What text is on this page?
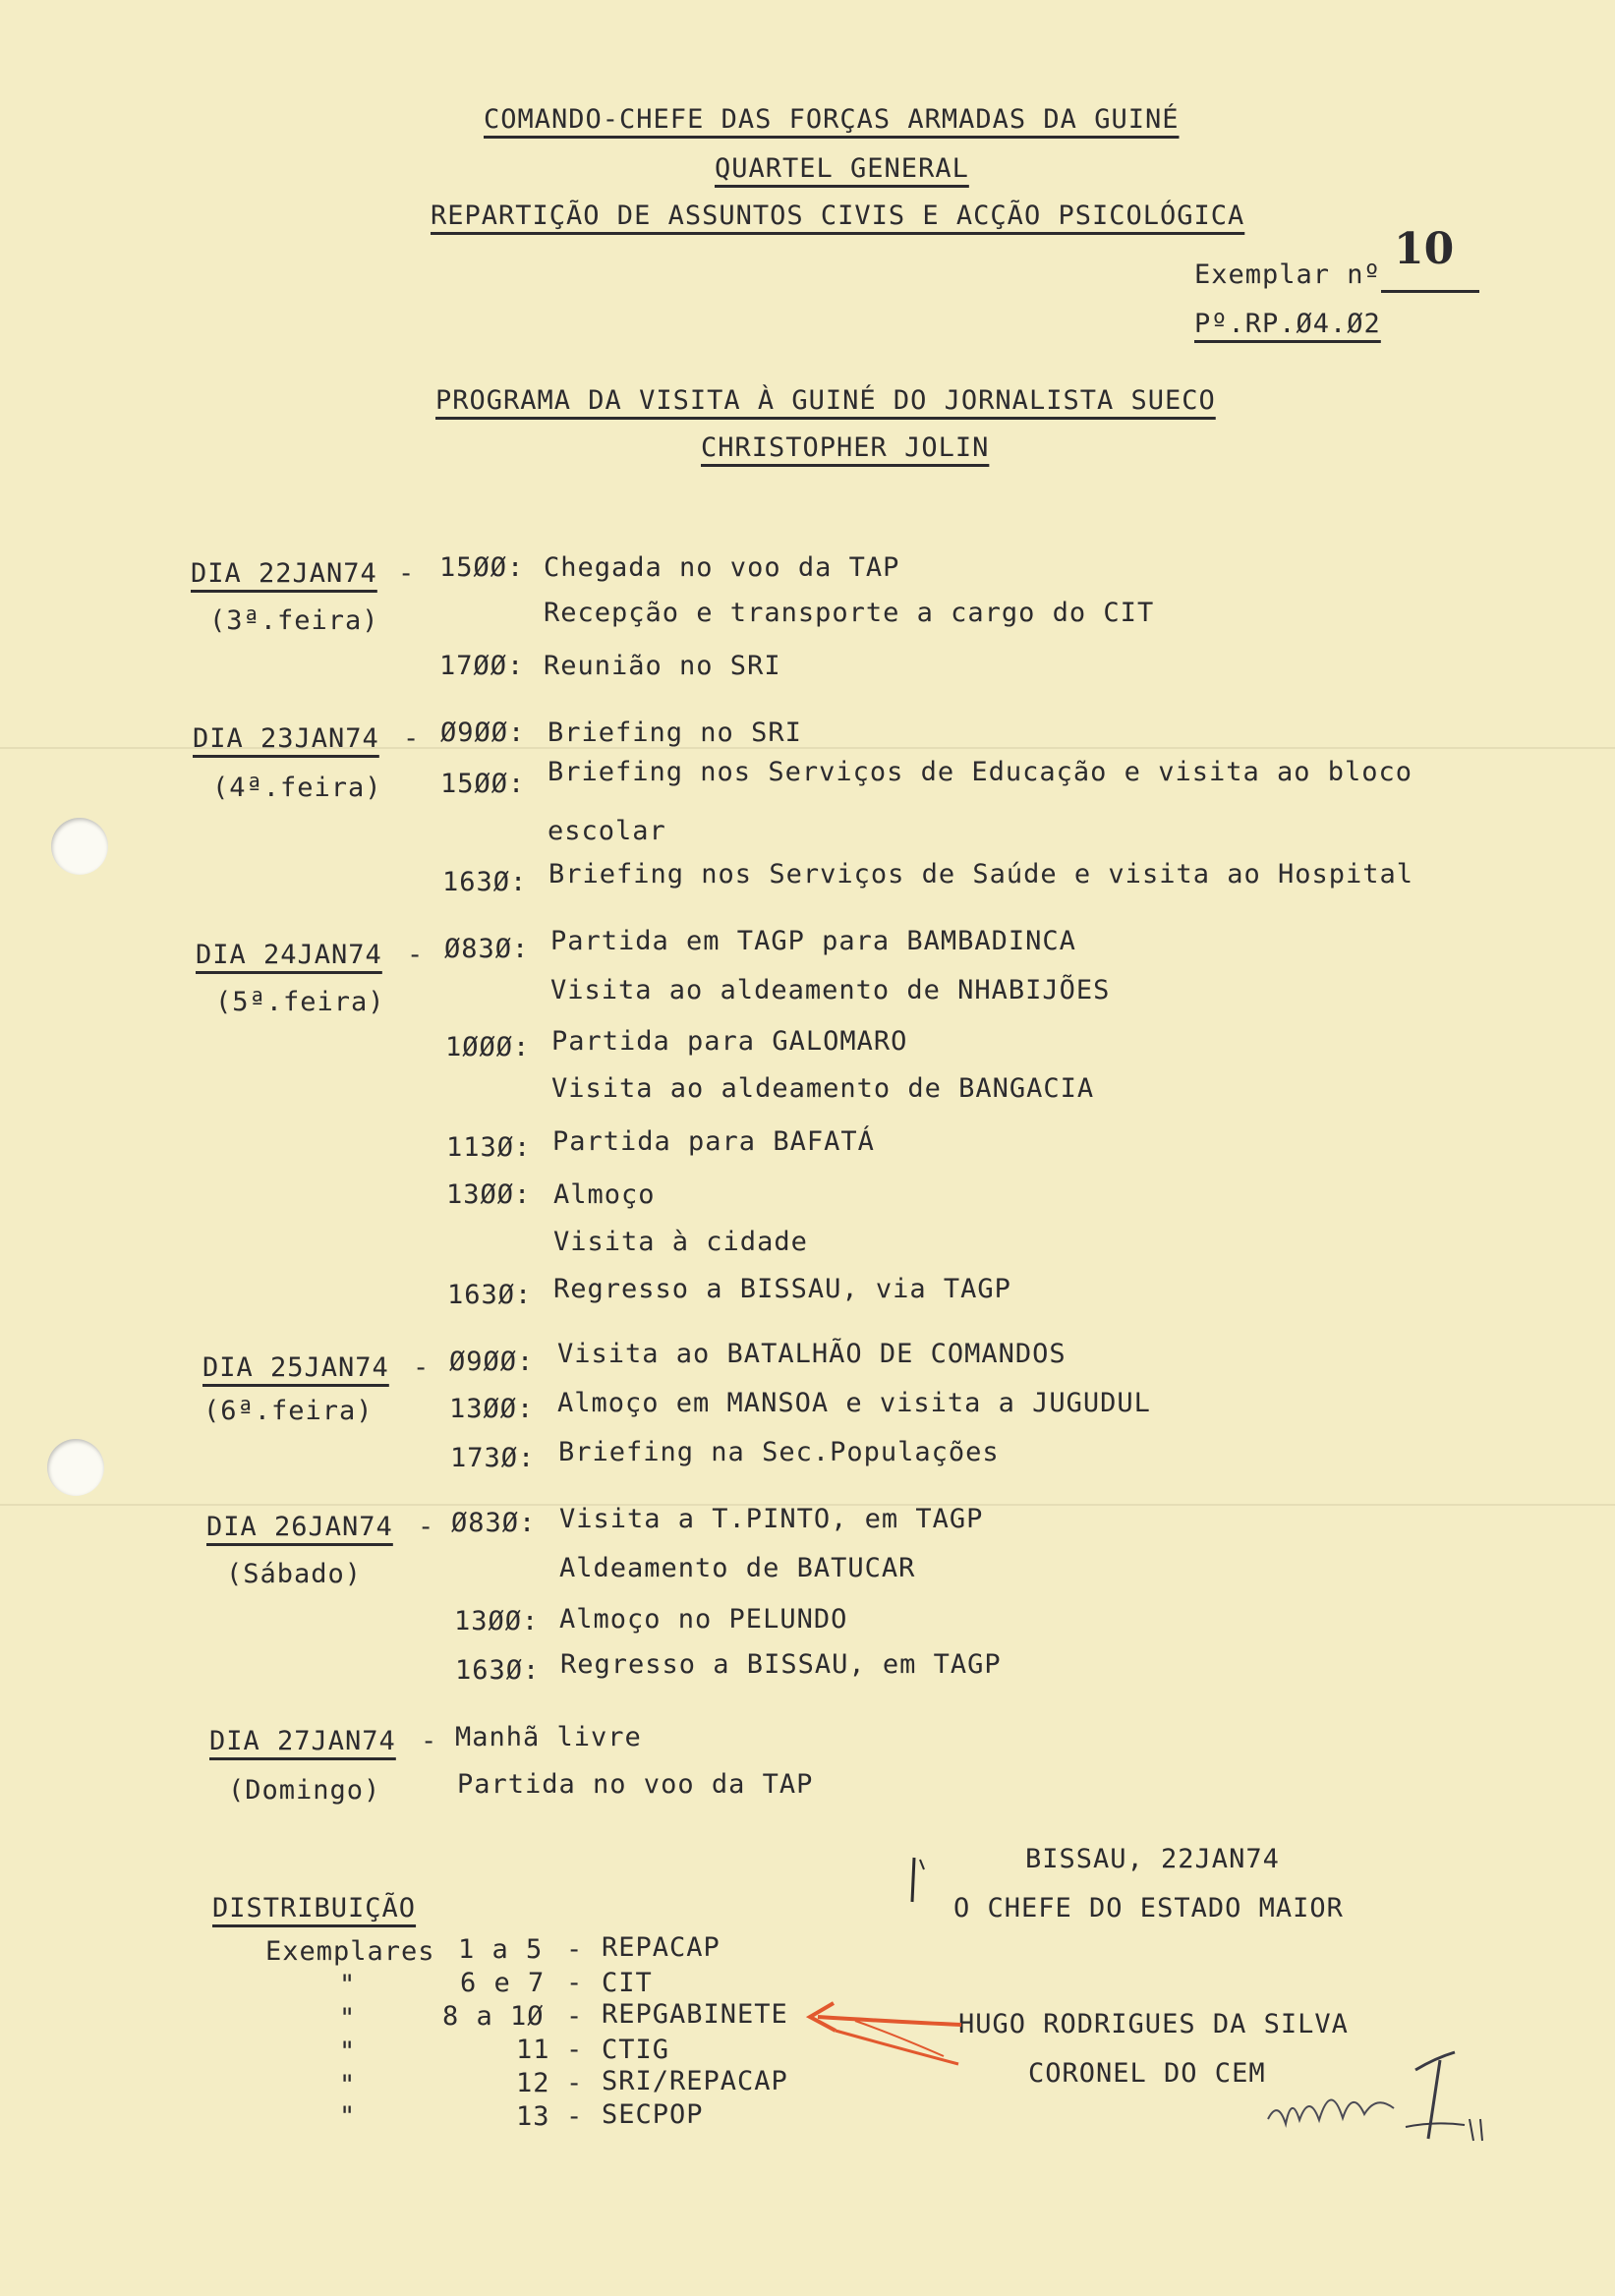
COMANDO-CHEFE DAS FORÇAS ARMADAS DA GUINÉ
QUARTEL GENERAL
REPARTIÇÃO DE ASSUNTOS CIVIS E ACÇÃO PSICOLÓGICA
Exemplar nº
10
Pº.RP.Ø4.Ø2
PROGRAMA DA VISITA À GUINÉ DO JORNALISTA SUECO
CHRISTOPHER JOLIN
DIA 22JAN74 -
(3ª.feira)
15ØØ: Chegada no voo da TAP
Recepção e transporte a cargo do CIT
17ØØ: Reunião no SRI
DIA 23JAN74 -
(4ª.feira)
Ø9ØØ: Briefing no SRI
15ØØ: Briefing nos Serviços de Educação e visita ao bloco
escolar
163Ø: Briefing nos Serviços de Saúde e visita ao Hospital
DIA 24JAN74 -
(5ª.feira)
Ø83Ø: Partida em TAGP para BAMBADINCA
Visita ao aldeamento de NHABIJÕES
1ØØØ: Partida para GALOMARO
Visita ao aldeamento de BANGACIA
113Ø: Partida para BAFATÁ
13ØØ: Almoço
Visita à cidade
163Ø: Regresso a BISSAU, via TAGP
DIA 25JAN74 -
(6ª.feira)
Ø9ØØ: Visita ao BATALHÃO DE COMANDOS
13ØØ: Almoço em MANSOA e visita a JUGUDUL
173Ø: Briefing na Sec.Populações
DIA 26JAN74 -
(Sábado)
Ø83Ø: Visita a T.PINTO, em TAGP
Aldeamento de BATUCAR
13ØØ: Almoço no PELUNDO
163Ø: Regresso a BISSAU, em TAGP
DIA 27JAN74 -
(Domingo)
Manhã livre
Partida no voo da TAP
BISSAU, 22JAN74
O CHEFE DO ESTADO MAIOR
HUGO RODRIGUES DA SILVA
CORONEL DO CEM
DISTRIBUIÇÃO
Exemplares 1 a 5 - REPACAP
"	6 e 7 - CIT
"	8 a 1Ø - REPGABINETE
"	11 - CTIG
"	12 - SRI/REPACAP
"	13 - SECPOP
